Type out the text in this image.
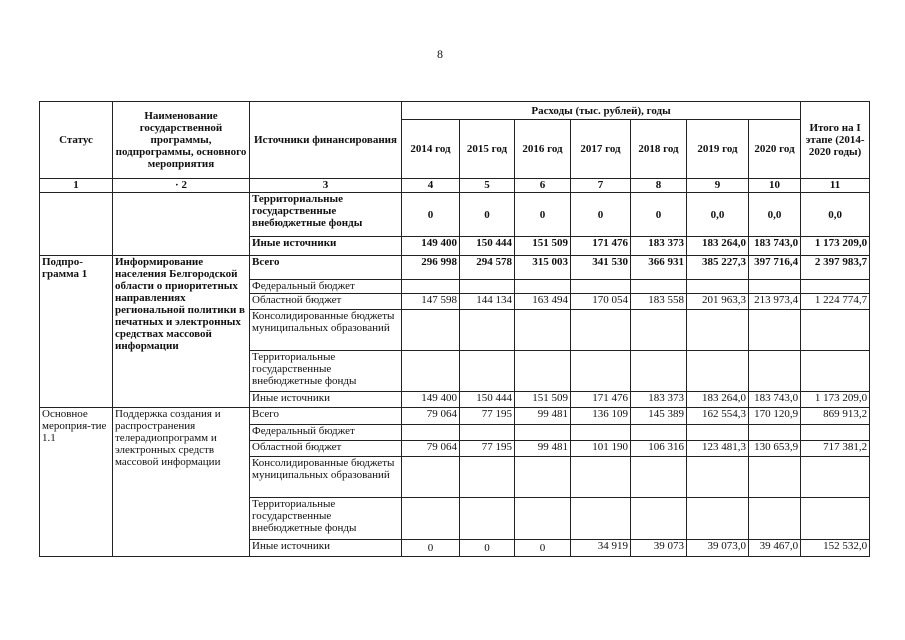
8
Статус	Наименование государственной программы, подпрограммы, основного мероприятия	Источники финансирования	Расходы (тыс. рублей), годы							Итого на I этапе (2014-2020 годы)
			2014 год	2015 год	2016 год	2017 год	2018 год	2019 год	2020 год	
1	· 2	3	4	5	6	7	8	9	10	11
		Территориальные государственные внебюджетные фонды	0	0	0	0	0	0,0	0,0	0,0
		Иные источники	149 400	150 444	151 509	171 476	183 373	183 264,0	183 743,0	1 173 209,0
Подпро-грамма 1	Информирование населения Белгородской области о приоритетных направлениях региональной политики в печатных и электронных средствах массовой информации	Всего	296 998	294 578	315 003	341 530	366 931	385 227,3	397 716,4	2 397 983,7
		Федеральный бюджет								
		Областной бюджет	147 598	144 134	163 494	170 054	183 558	201 963,3	213 973,4	1 224 774,7
		Консолидированные бюджеты муниципальных образований								
		Территориальные государственные внебюджетные фонды								
		Иные источники	149 400	150 444	151 509	171 476	183 373	183 264,0	183 743,0	1 173 209,0
Основное мероприя-тие 1.1	Поддержка создания и распространения телерадиопрограмм и электронных средств массовой информации	Всего	79 064	77 195	99 481	136 109	145 389	162 554,3	170 120,9	869 913,2
		Федеральный бюджет								
		Областной бюджет	79 064	77 195	99 481	101 190	106 316	123 481,3	130 653,9	717 381,2
		Консолидированные бюджеты муниципальных образований								
		Территориальные государственные внебюджетные фонды								
		Иные источники	0	0	0	34 919	39 073	39 073,0	39 467,0	152 532,0
